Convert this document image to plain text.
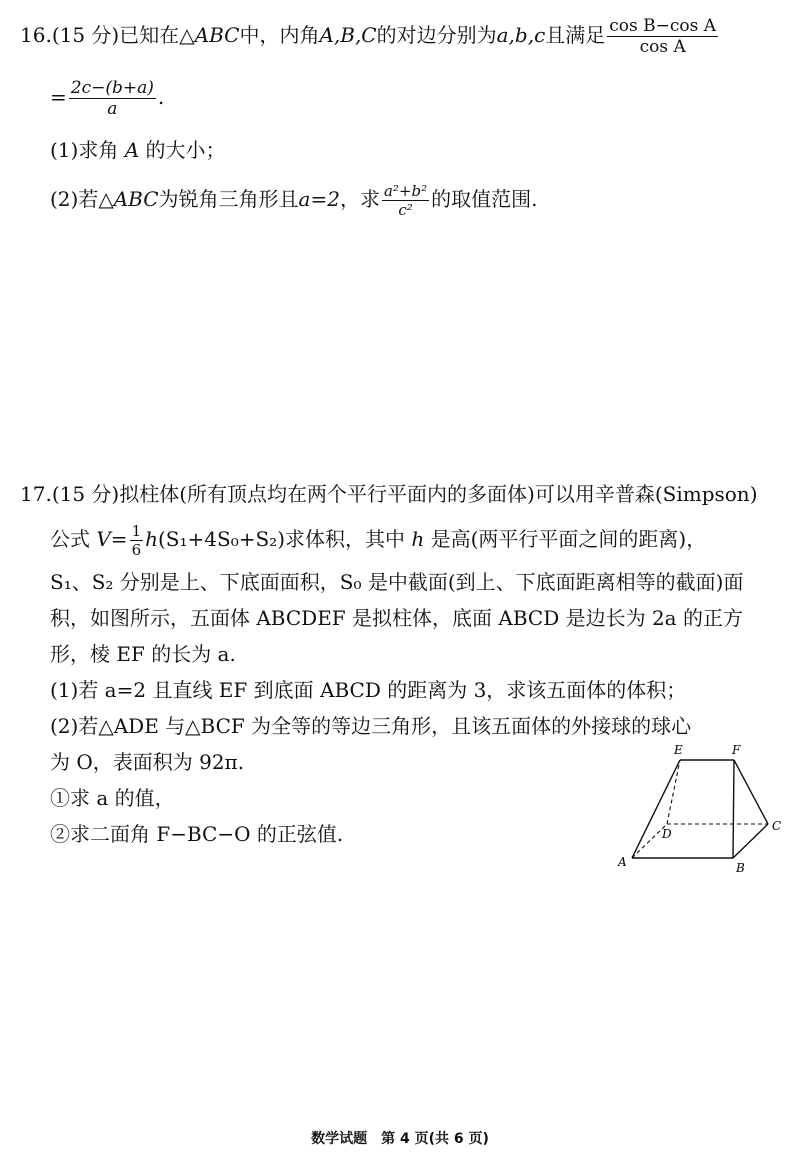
16.(15 分)已知在△ABC中，内角A,B,C的对边分别为a,b,c且满足 $\frac{\text{cos B−cos A}}{\text{cos A}}$
= $\frac{2c-(b+a)}{a}$ .
(1)求角 A 的大小；
(2)若△ABC为锐角三角形且a=2，求 $\frac{\text{a²+b²}}{\text{c²}}$ 的取值范围.
17.(15 分)拟柱体(所有顶点均在两个平行平面内的多面体)可以用辛普森(Simpson)
公式 $V= \frac{1}{6} h(S_1+4S_0+S_2)$求体积，其中 h 是高(两平行平面之间的距离)，
S₁、S₂ 分别是上、下底面面积，S₀ 是中截面(到上、下底面距离相等的截面)面
积，如图所示，五面体 ABCDEF 是拟柱体，底面 ABCD 是边长为 2a 的正方
形，棱 EF 的长为 a.
(1)若 a=2 且直线 EF 到底面 ABCD 的距离为 3，求该五面体的体积；
(2)若△ADE 与△BCF 为全等的等边三角形，且该五面体的外接球的球心
为 O，表面积为 92π.
①求 a 的值，
②求二面角 F−BC−O 的正弦值.
A	B
C
D
E	F
数学试题　第 4 页(共 6 页)
